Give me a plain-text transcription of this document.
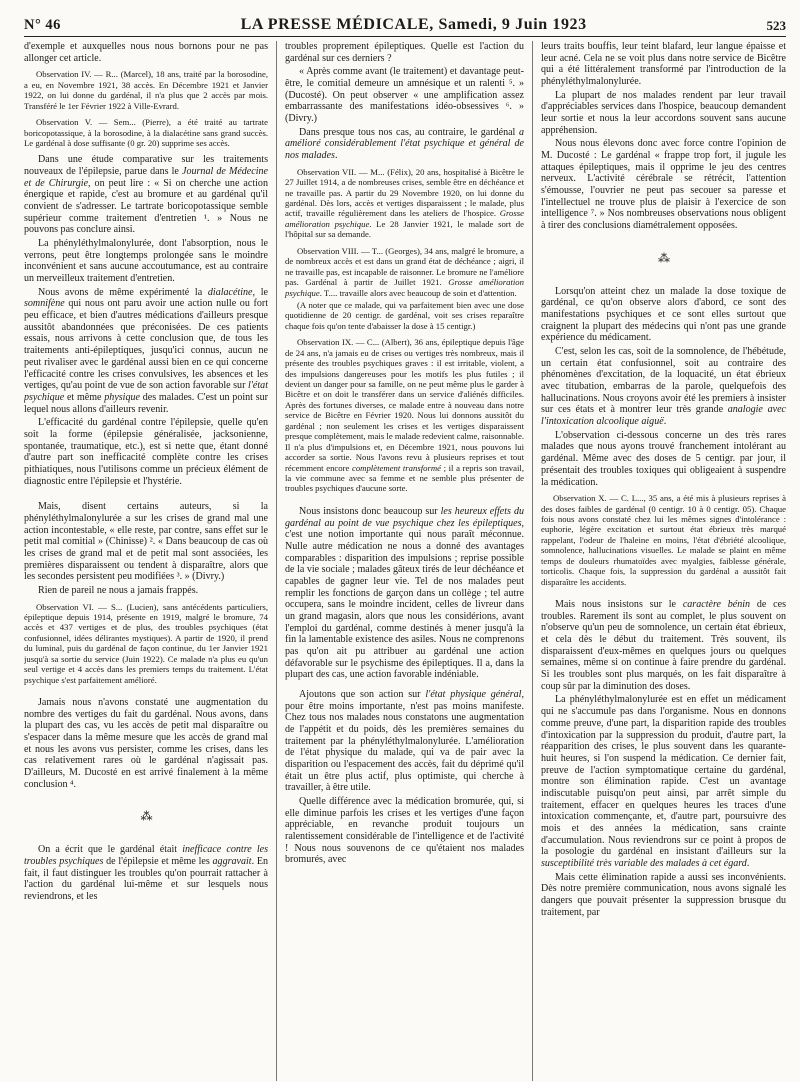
N° 46	LA PRESSE MÉDICALE, Samedi, 9 Juin 1923	523

d'exemple et auxquelles nous nous bornons pour ne pas allonger cet article.

Observation IV. — R... (Marcel), 18 ans, traité par la borosodine, a eu, en Novembre 1921, 38 accès. En Décembre 1921 et Janvier 1922, on lui donne du gardénal, il n'a plus que 2 accès par mois. Transféré le 1er Février 1922 à Ville-Evrard.

Observation V. — Sem... (Pierre), a été traité au tartrate boricopotassique, à la borosodine, à la dialacétine sans grand succès. Le gardénal à dose suffisante (0 gr. 20) supprime ses accès.

Dans une étude comparative sur les traitements nouveaux de l'épilepsie, parue dans le Journal de Médecine et de Chirurgie, on peut lire : « Si on cherche une action énergique et rapide, c'est au bromure et au gardénal qu'il convient de s'adresser. Le tartrate boricopotassique semble supérieur comme traitement d'entretien ¹. » Nous ne pouvons pas conclure ainsi.

La phényléthylmalonylurée, dont l'absorption, nous le verrons, peut être longtemps prolongée sans le moindre inconvénient et sans aucune accoutumance, est au contraire un merveilleux traitement d'entretien.

Nous avons de même expérimenté la dialacétine, le somnifène qui nous ont paru avoir une action nulle ou fort peu efficace, et bien d'autres médications d'ailleurs presque aussitôt abandonnées que préconisées. De ces patients essais, nous arrivons à cette conclusion que, de tous les traitements anti-épileptiques, jusqu'ici connus, aucun ne peut rivaliser avec le gardénal aussi bien en ce qui concerne l'efficacité contre les crises convulsives, les absences et les vertiges, qu'au point de vue de son action favorable sur l'état psychique et même physique des malades. C'est un point sur lequel nous allons d'ailleurs revenir.

L'efficacité du gardénal contre l'épilepsie, quelle qu'en soit la forme (épilepsie généralisée, jacksonienne, spontanée, traumatique, etc.), est si nette que, étant donné d'autre part son inefficacité complète contre les crises pithiatiques, nous l'utilisons comme un précieux élément de diagnostic entre l'épilepsie et l'hystérie.

Mais, disent certains auteurs, si la phényléthylmalonylurée a sur les crises de grand mal une action incontestable, « elle reste, par contre, sans effet sur le petit mal comitial » (Chinisse) ². « Dans beaucoup de cas où les crises de grand mal et de petit mal sont associées, les premières disparaissent ou tendent à disparaître, alors que les secondes persistent peu modifiées ³. » (Divry.)

Rien de pareil ne nous a jamais frappés.

Observation VI. — S... (Lucien), sans antécédents particuliers, épileptique depuis 1914, présente en 1919, malgré le bromure, 74 accès et 437 vertiges et de plus, des troubles psychiques (état confusionnel, idées délirantes mystiques). A partir de 1920, il prend du luminal, puis du gardénal de façon continue, du 1er Janvier 1921 jusqu'à sa sortie du service (Juin 1922). Ce malade n'a plus eu qu'un seul vertige et 4 accès dans les premiers temps du traitement. L'état psychique s'est parfaitement amélioré.

Jamais nous n'avons constaté une augmentation du nombre des vertiges du fait du gardénal. Nous avons, dans la plupart des cas, vu les accès de petit mal disparaître ou s'espacer dans la même mesure que les accès de grand mal et nous les avons vus persister, comme les crises, dans les cas relativement rares où le gardénal n'agissait pas. D'ailleurs, M. Ducosté en est arrivé finalement à la même conclusion ⁴.

⁂

On a écrit que le gardénal était inefficace contre les troubles psychiques de l'épilepsie et même les aggravait. En fait, il faut distinguer les troubles qu'on pourrait rattacher à l'action du gardénal lui-même et sur lesquels nous reviendrons, et les

troubles proprement épileptiques. Quelle est l'action du gardénal sur ces derniers ?

« Après comme avant (le traitement) et davantage peut-être, le comitial demeure un amnésique et un ralenti ⁵. » (Ducosté). On peut observer « une amplification assez embarrassante des manifestations idéo-obsessives ⁶. » (Divry.)

Dans presque tous nos cas, au contraire, le gardénal a amélioré considérablement l'état psychique et général de nos malades.

Observation VII. — M... (Félix), 20 ans, hospitalisé à Bicêtre le 27 Juillet 1914, a de nombreuses crises, semble être en déchéance et ne travaille pas. A partir du 29 Novembre 1920, on lui donne du gardénal. Dès lors, accès et vertiges disparaissent ; le malade, plus actif, travaille régulièrement dans les ateliers de l'hospice. Grosse amélioration psychique. Le 28 Janvier 1921, le malade sort de l'hôpital sur sa demande.

Observation VIII. — T... (Georges), 34 ans, malgré le bromure, a de nombreux accès et est dans un grand état de déchéance ; aigri, il ne travaille pas, est incapable de raisonner. Le bromure ne l'améliore pas. Gardénal à partir de Juillet 1921. Grosse amélioration psychique. T.... travaille alors avec beaucoup de soin et d'attention.

(A noter que ce malade, qui va parfaitement bien avec une dose quotidienne de 20 centigr. de gardénal, voit ses crises reparaître chaque fois qu'on tente d'abaisser la dose à 15 centigr.)

Observation IX. — C... (Albert), 36 ans, épileptique depuis l'âge de 24 ans, n'a jamais eu de crises ou vertiges très nombreux, mais il présente des troubles psychiques graves : il est irritable, violent, a des impulsions dangereuses pour les motifs les plus futiles ; il devient un danger pour sa famille, on ne peut même plus le garder à Bicêtre et on doit le transférer dans un service d'aliénés difficiles. Après des fortunes diverses, ce malade entre à nouveau dans notre service de Bicêtre en Février 1920. Nous lui donnons aussitôt du gardénal ; non seulement les crises et les vertiges disparaissent presque complètement, mais le malade redevient calme, raisonnable. Il n'a plus d'impulsions et, en Décembre 1921, nous pouvons lui accorder sa sortie. Nous l'avons revu à plusieurs reprises et tout récemment encore complètement transformé ; il a repris son travail, la vie commune avec sa femme et ne semble plus présenter de troubles psychiques d'aucune sorte.

Nous insistons donc beaucoup sur les heureux effets du gardénal au point de vue psychique chez les épileptiques, c'est une notion importante qui nous paraît méconnue. Nulle autre médication ne nous a donné des avantages comparables : disparition des impulsions ; reprise possible de la vie sociale ; malades gâteux tirés de leur déchéance et capables de gagner leur vie. Tel de nos malades peut remplir les fonctions de garçon dans un collège ; tel autre occupera, sans le moindre incident, celles de livreur dans un grand magasin, alors que nous les considérions, avant l'emploi du gardénal, comme destinés à mener jusqu'à la fin la lamentable existence des asiles. Nous ne comprenons pas qu'on ait pu attribuer au gardénal une action défavorable sur le psychisme des épileptiques. Il a, dans la plupart des cas, une action favorable indéniable.

Ajoutons que son action sur l'état physique général, pour être moins importante, n'est pas moins manifeste. Chez tous nos malades nous constatons une augmentation de l'appétit et du poids, dès les premières semaines du traitement par la phényléthylmalonylurée. L'amélioration de l'état physique du malade, qui va de pair avec la disparition ou l'espacement des accès, fait du déprimé qu'il était un être plus actif, plus optimiste, qui cherche à travailler, à être utile.

Quelle différence avec la médication bromurée, qui, si elle diminue parfois les crises et les vertiges d'une façon appréciable, en revanche produit toujours un ralentissement considérable de l'intelligence et de l'activité ! Nous nous souvenons de ce qu'étaient nos malades bromurés, avec

leurs traits bouffis, leur teint blafard, leur langue épaisse et leur acné. Cela ne se voit plus dans notre service de Bicêtre qui a été littéralement transformé par l'introduction de la phényléthylmalonylurée.

La plupart de nos malades rendent par leur travail d'appréciables services dans l'hospice, beaucoup demandent leur sortie et nous la leur accordons souvent sans aucune appréhension.

Nous nous élevons donc avec force contre l'opinion de M. Ducosté : Le gardénal « frappe trop fort, il jugule les attaques épileptiques, mais il opprime le jeu des centres nerveux. L'activité cérébrale se rétrécit, l'attention s'émousse, l'ouvrier ne peut pas secouer sa paresse et l'intellectuel ne trouve plus de plaisir à l'exercice de son intelligence ⁷. » Nos nombreuses observations nous obligent à tirer des conclusions diamétralement opposées.

⁂

Lorsqu'on atteint chez un malade la dose toxique de gardénal, ce qu'on observe alors d'abord, ce sont des manifestations psychiques et ce sont elles surtout que craignent la plupart des médecins qui n'ont pas une grande expérience du médicament.

C'est, selon les cas, soit de la somnolence, de l'hébétude, un certain état confusionnel, soit au contraire des phénomènes d'excitation, de la loquacité, un état ébrieux avec titubation, embarras de la parole, quelquefois des hallucinations. Nous croyons avoir été les premiers à insister sur ces états et à montrer leur très grande analogie avec l'intoxication alcoolique aiguë.

L'observation ci-dessous concerne un des très rares malades que nous ayons trouvé franchement intolérant au gardénal. Même avec des doses de 5 centigr. par jour, il présentait des troubles toxiques qui obligeaient à suspendre la médication.

Observation X. — C. L..., 35 ans, a été mis à plusieurs reprises à des doses faibles de gardénal (0 centigr. 10 à 0 centigr. 05). Chaque fois nous avons constaté chez lui les mêmes signes d'intolérance : euphorie, légère excitation et surtout état ébrieux très marqué rappelant, l'odeur de l'haleine en moins, l'état d'ébriété alcoolique, somnolence, hallucinations visuelles. Le malade se plaint en même temps de douleurs rhumatoïdes avec myalgies, faiblesse générale, torticolis. Chaque fois, la suppression du gardénal a aussitôt fait disparaître les accidents.

Mais nous insistons sur le caractère bénin de ces troubles. Rarement ils sont au complet, le plus souvent on n'observe qu'un peu de somnolence, un certain état ébrieux, et cela dès le début du traitement. Très souvent, ils disparaissent d'eux-mêmes en quelques jours ou quelques semaines, même si on continue à faire prendre du gardénal. Si les troubles sont plus marqués, on les fait disparaître à coup sûr par la diminution des doses.

La phényléthylmalonylurée est en effet un médicament qui ne s'accumule pas dans l'organisme. Nous en donnons comme preuve, d'une part, la disparition rapide des troubles d'intoxication par la suppression du produit, d'autre part, la réapparition des crises, le plus souvent dans les quarante-huit heures, si l'on suspend la médication. Ce dernier fait, preuve de l'action symptomatique certaine du gardénal, montre son élimination rapide. C'est un avantage indiscutable puisqu'on peut ainsi, par arrêt simple du traitement, effacer en quelques heures les traces d'une intoxication commençante, et, d'autre part, poursuivre des mois et des années la médication, sans crainte d'accumulation. Nous reviendrons sur ce point à propos de la posologie du gardénal en insistant d'ailleurs sur la susceptibilité très variable des malades à cet égard.

Mais cette élimination rapide a aussi ses inconvénients. Dès notre première communication, nous avons signalé les dangers que pouvait présenter la suppression brusque du traitement, par
